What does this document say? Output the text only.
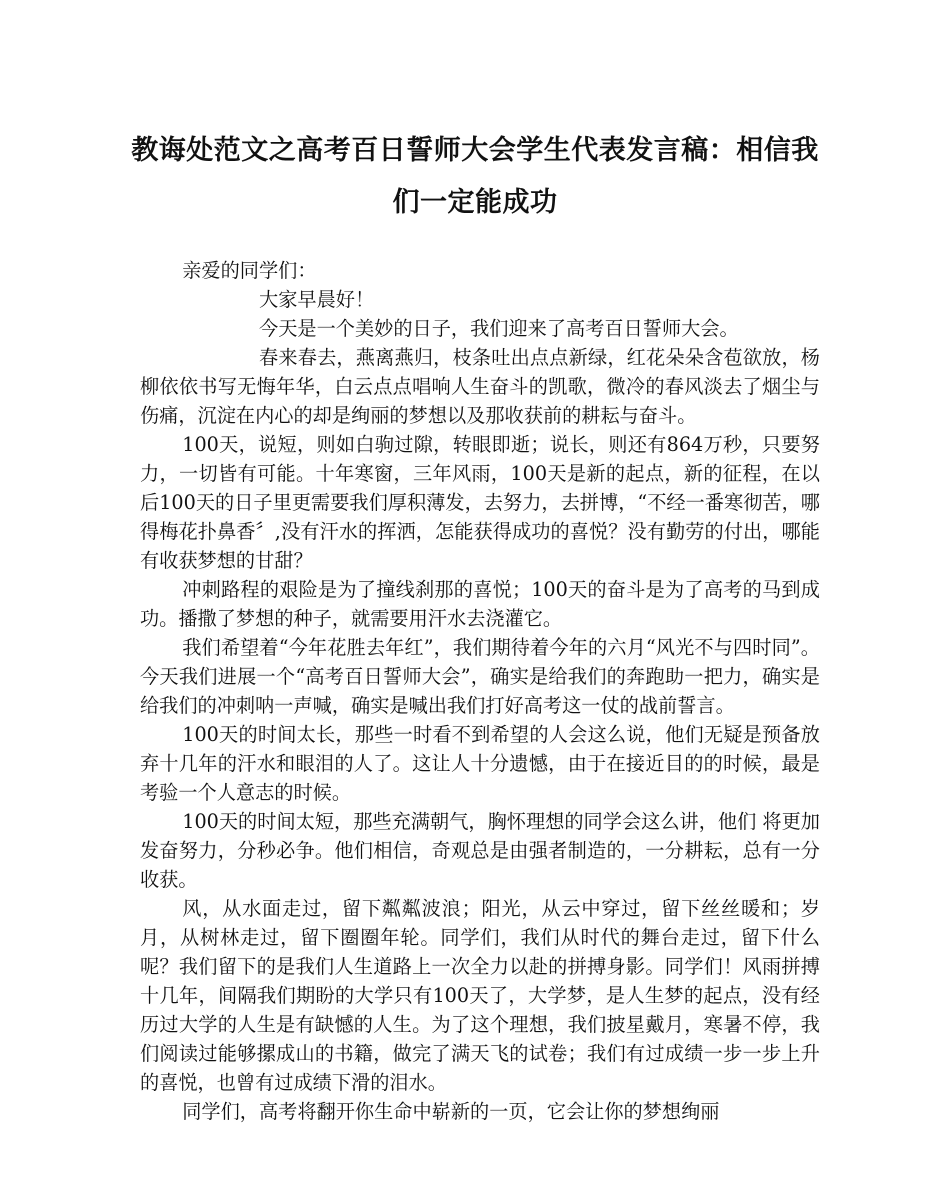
教诲处范文之高考百日誓师大会学生代表发言稿：相信我们一定能成功

亲爱的同学们：

大家早晨好！

今天是一个美妙的日子，我们迎来了高考百日誓师大会。

春来春去，燕离燕归，枝条吐出点点新绿，红花朵朵含苞欲放，杨柳依依书写无悔年华，白云点点唱响人生奋斗的凯歌，微冷的春风淡去了烟尘与伤痛，沉淀在内心的却是绚丽的梦想以及那收获前的耕耘与奋斗。

100天，说短，则如白驹过隙，转眼即逝；说长，则还有864万秒，只要努力，一切皆有可能。十年寒窗，三年风雨，100天是新的起点，新的征程，在以后100天的日子里更需要我们厚积薄发，去努力，去拼博，“不经一番寒彻苦，哪得梅花扑鼻香〞,没有汗水的挥洒，怎能获得成功的喜悦？没有勤劳的付出，哪能有收获梦想的甘甜？

冲刺路程的艰险是为了撞线刹那的喜悦；100天的奋斗是为了高考的马到成功。播撒了梦想的种子，就需要用汗水去浇灌它。

我们希望着“今年花胜去年红”，我们期待着今年的六月“风光不与四时同”。今天我们进展一个“高考百日誓师大会”，确实是给我们的奔跑助一把力，确实是给我们的冲刺呐一声喊，确实是喊出我们打好高考这一仗的战前誓言。

100天的时间太长，那些一时看不到希望的人会这么说，他们无疑是预备放弃十几年的汗水和眼泪的人了。这让人十分遗憾，由于在接近目的的时候，最是考验一个人意志的时候。

100天的时间太短，那些充满朝气，胸怀理想的同学会这么讲，他们 将更加发奋努力，分秒必争。他们相信，奇观总是由强者制造的，一分耕耘，总有一分收获。

风，从水面走过，留下粼粼波浪；阳光，从云中穿过，留下丝丝暖和；岁月，从树林走过，留下圈圈年轮。同学们，我们从时代的舞台走过，留下什么呢？我们留下的是我们人生道路上一次全力以赴的拼搏身影。同学们！风雨拼搏十几年，间隔我们期盼的大学只有100天了，大学梦，是人生梦的起点，没有经历过大学的人生是有缺憾的人生。为了这个理想，我们披星戴月，寒暑不停，我们阅读过能够摞成山的书籍，做完了满天飞的试卷；我们有过成绩一步一步上升的喜悦，也曾有过成绩下滑的泪水。

同学们，高考将翻开你生命中崭新的一页，它会让你的梦想绚丽
